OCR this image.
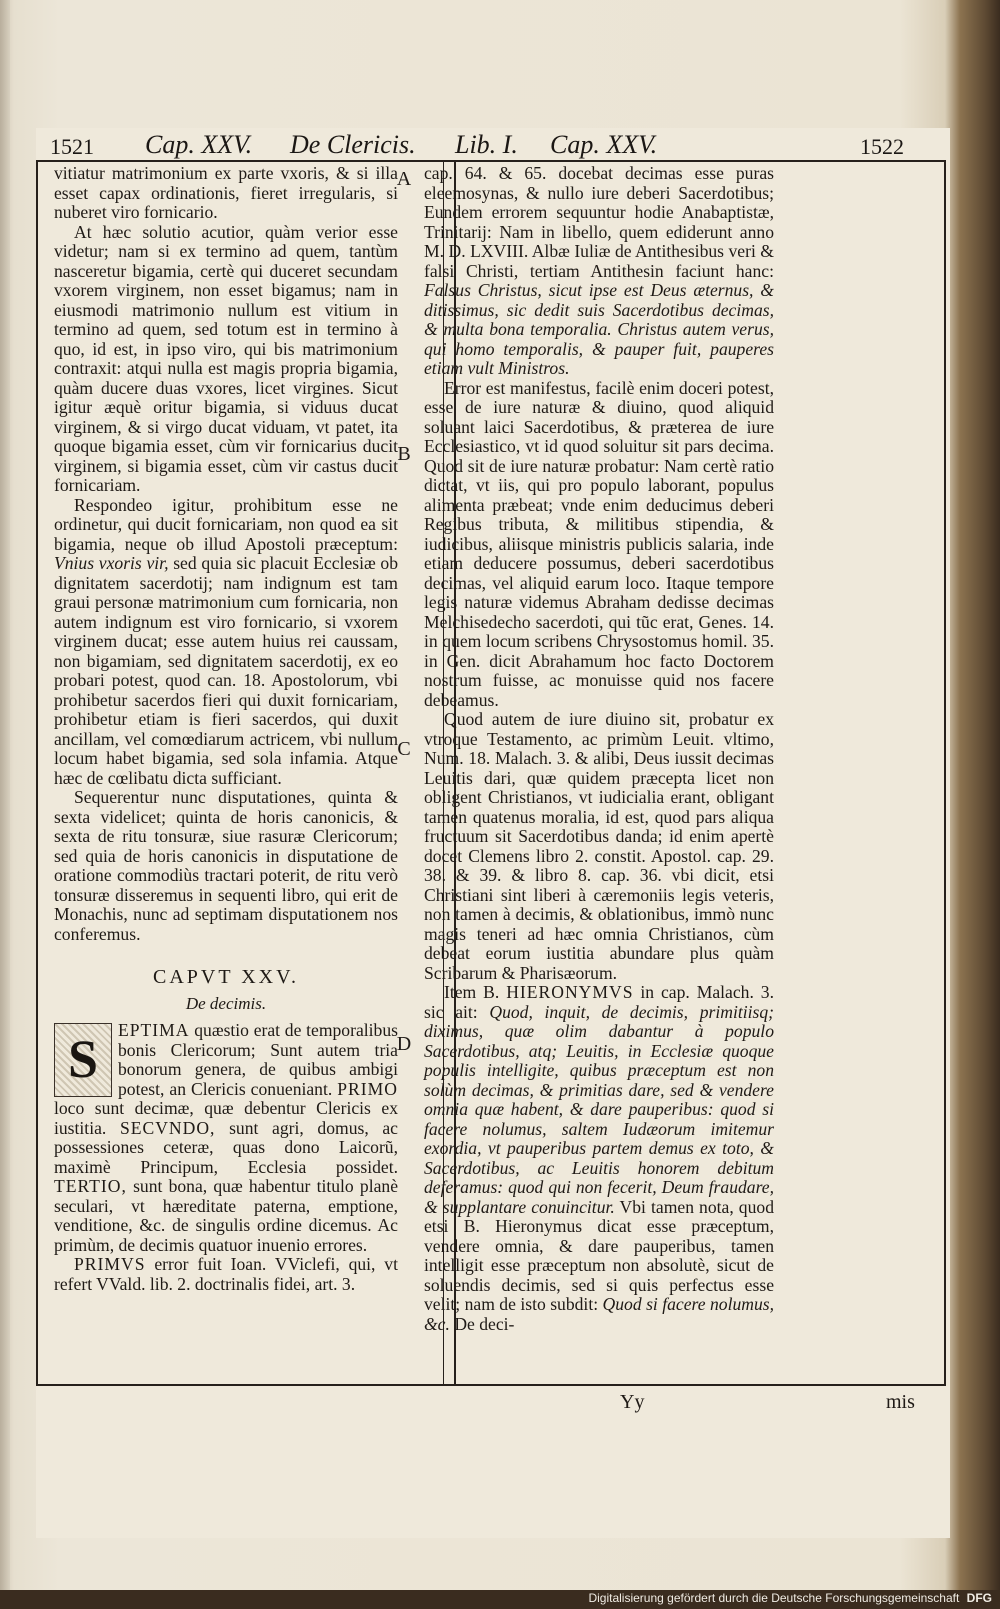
1521 Cap. XXV. De Clericis. Lib. I. Cap. XXV.	1522
A
B
C
D

vitiatur matrimonium ex parte vxoris, & si illa esset capax ordinationis, fieret irregularis, si nuberet viro fornicario.

At hæc solutio acutior, quàm verior esse videtur; nam si ex termino ad quem, tantùm nasceretur bigamia, certè qui duceret secundam vxorem virginem, non esset bigamus; nam in eiusmodi matrimonio nullum est vitium in termino ad quem, sed totum est in termino à quo, id est, in ipso viro, qui bis matrimonium contraxit: atqui nulla est magis propria bigamia, quàm ducere duas vxores, licet virgines. Sicut igitur æquè oritur bigamia, si viduus ducat virginem, & si virgo ducat viduam, vt patet, ita quoque bigamia esset, cùm vir fornicarius ducit virginem, si bigamia esset, cùm vir castus ducit fornicariam.

Respondeo igitur, prohibitum esse ne ordinetur, qui ducit fornicariam, non quod ea sit bigamia, neque ob illud Apostoli præceptum: Vnius vxoris vir, sed quia sic placuit Ecclesiæ ob dignitatem sacerdotij; nam indignum est tam graui personæ matrimonium cum fornicaria, non autem indignum est viro fornicario, si vxorem virginem ducat; esse autem huius rei caussam, non bigamiam, sed dignitatem sacerdotij, ex eo probari potest, quod can. 18. Apostolorum, vbi prohibetur sacerdos fieri qui duxit fornicariam, prohibetur etiam is fieri sacerdos, qui duxit ancillam, vel comœdiarum actricem, vbi nullum locum habet bigamia, sed sola infamia. Atque hæc de cœlibatu dicta sufficiant.

Sequerentur nunc disputationes, quinta & sexta videlicet; quinta de horis canonicis, & sexta de ritu tonsuræ, siue rasuræ Clericorum; sed quia de horis canonicis in disputatione de oratione commodiùs tractari poterit, de ritu verò tonsuræ disseremus in sequenti libro, qui erit de Monachis, nunc ad septimam disputationem nos conferemus.

CAPVT XXV.
De decimis.

S	EPTIMA quæstio erat de temporalibus bonis Clericorum; Sunt autem tria bonorum genera, de quibus ambigi potest, an Clericis conueniant. PRIMO loco sunt decimæ, quæ debentur Clericis ex iustitia. SECVNDO, sunt agri, domus, ac possessiones ceteræ, quas dono Laicorũ, maximè Principum, Ecclesia possidet. TERTIO, sunt bona, quæ habentur titulo planè seculari, vt hæreditate paterna, emptione, venditione, &c. de singulis ordine dicemus. Ac primùm, de decimis quatuor inuenio errores.

PRIMVS error fuit Ioan. VViclefi, qui, vt refert VVald. lib. 2. doctrinalis fidei, art. 3.

cap. 64. & 65. docebat decimas esse puras eleemosynas, & nullo iure deberi Sacerdotibus; Eundem errorem sequuntur hodie Anabaptistæ, Trinitarij: Nam in libello, quem ediderunt anno M. D. LXVIII. Albæ Iuliæ de Antithesibus veri & falsi Christi, tertiam Antithesin faciunt hanc: Falsus Christus, sicut ipse est Deus æternus, & ditissimus, sic dedit suis Sacerdotibus decimas, & multa bona temporalia. Christus autem verus, qui homo temporalis, & pauper fuit, pauperes etiam vult Ministros.

Error est manifestus, facilè enim doceri potest, esse de iure naturæ & diuino, quod aliquid soluant laici Sacerdotibus, & præterea de iure Ecclesiastico, vt id quod soluitur sit pars decima. Quod sit de iure naturæ probatur: Nam certè ratio dictat, vt iis, qui pro populo laborant, populus alimenta præbeat; vnde enim deducimus deberi Regibus tributa, & militibus stipendia, & iudicibus, aliisque ministris publicis salaria, inde etiam deducere possumus, deberi sacerdotibus decimas, vel aliquid earum loco. Itaque tempore legis naturæ videmus Abraham dedisse decimas Melchisedecho sacerdoti, qui tũc erat, Genes. 14. in quem locum scribens Chrysostomus homil. 35. in Gen. dicit Abrahamum hoc facto Doctorem nostrum fuisse, ac monuisse quid nos facere debeamus.

Quod autem de iure diuino sit, probatur ex vtroque Testamento, ac primùm Leuit. vltimo, Num. 18. Malach. 3. & alibi, Deus iussit decimas Leuitis dari, quæ quidem præcepta licet non obligent Christianos, vt iudicialia erant, obligant tamen quatenus moralia, id est, quod pars aliqua fructuum sit Sacerdotibus danda; id enim apertè docet Clemens libro 2. constit. Apostol. cap. 29. 38. & 39. & libro 8. cap. 36. vbi dicit, etsi Christiani sint liberi à cæremoniis legis veteris, non tamen à decimis, & oblationibus, immò nunc magis teneri ad hæc omnia Christianos, cùm debeat eorum iustitia abundare plus quàm Scribarum & Pharisæorum.

Item B. HIERONYMVS in cap. Malach. 3. sic ait: Quod, inquit, de decimis, primitiisq; diximus, quæ olim dabantur à populo Sacerdotibus, atq; Leuitis, in Ecclesiæ quoque populis intelligite, quibus præceptum est non solùm decimas, & primitias dare, sed & vendere omnia quæ habent, & dare pauperibus: quod si facere nolumus, saltem Iudæorum imitemur exordia, vt pauperibus partem demus ex toto, & Sacerdotibus, ac Leuitis honorem debitum deferamus: quod qui non fecerit, Deum fraudare, & supplantare conuincitur. Vbi tamen nota, quod etsi B. Hieronymus dicat esse præceptum, vendere omnia, & dare pauperibus, tamen intelligit esse præceptum non absolutè, sicut de soluendis decimis, sed si quis perfectus esse velit; nam de isto subdit: Quod si facere nolumus, &c. De deci-

Yy	mis
Digitalisierung gefördert durch die Deutsche Forschungsgemeinschaft DFG
